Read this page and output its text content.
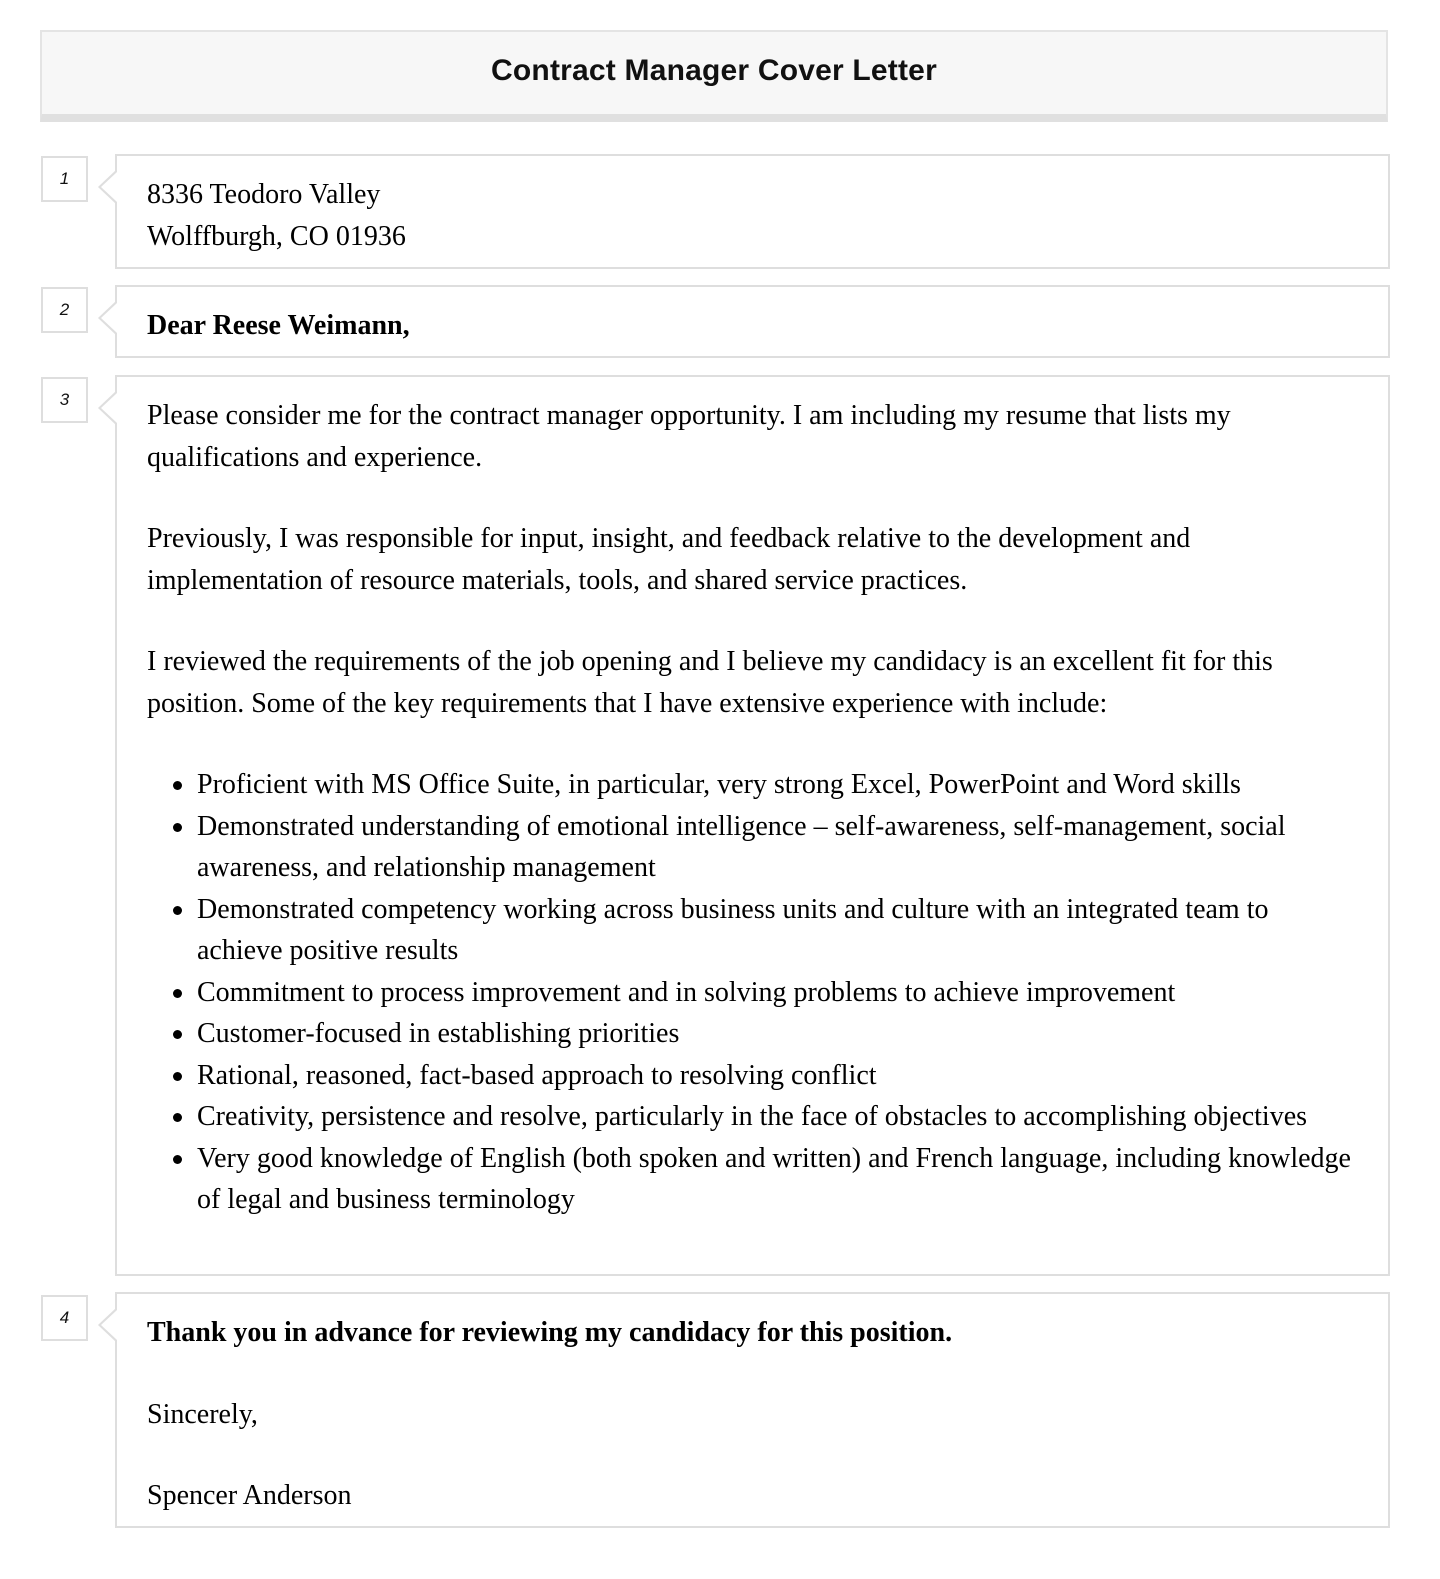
Contract Manager Cover Letter
1

8336 Teodoro Valley

Wolffburgh, CO 01936

2

Dear Reese Weimann,

3

Please consider me for the contract manager opportunity. I am including my resume that lists my qualifications and experience.

Previously, I was responsible for input, insight, and feedback relative to the development and implementation of resource materials, tools, and shared service practices.

I reviewed the requirements of the job opening and I believe my candidacy is an excellent fit for this position. Some of the key requirements that I have extensive experience with include:

Proficient with MS Office Suite, in particular, very strong Excel, PowerPoint and Word skills
Demonstrated understanding of emotional intelligence – self-awareness, self-management, social awareness, and relationship management
Demonstrated competency working across business units and culture with an integrated team to achieve positive results
Commitment to process improvement and in solving problems to achieve improvement
Customer-focused in establishing priorities
Rational, reasoned, fact-based approach to resolving conflict
Creativity, persistence and resolve, particularly in the face of obstacles to accomplishing objectives
Very good knowledge of English (both spoken and written) and French language, including knowledge of legal and business terminology
4	Thank you in advance for reviewing my candidacy for this position.

Sincerely,

Spencer Anderson
